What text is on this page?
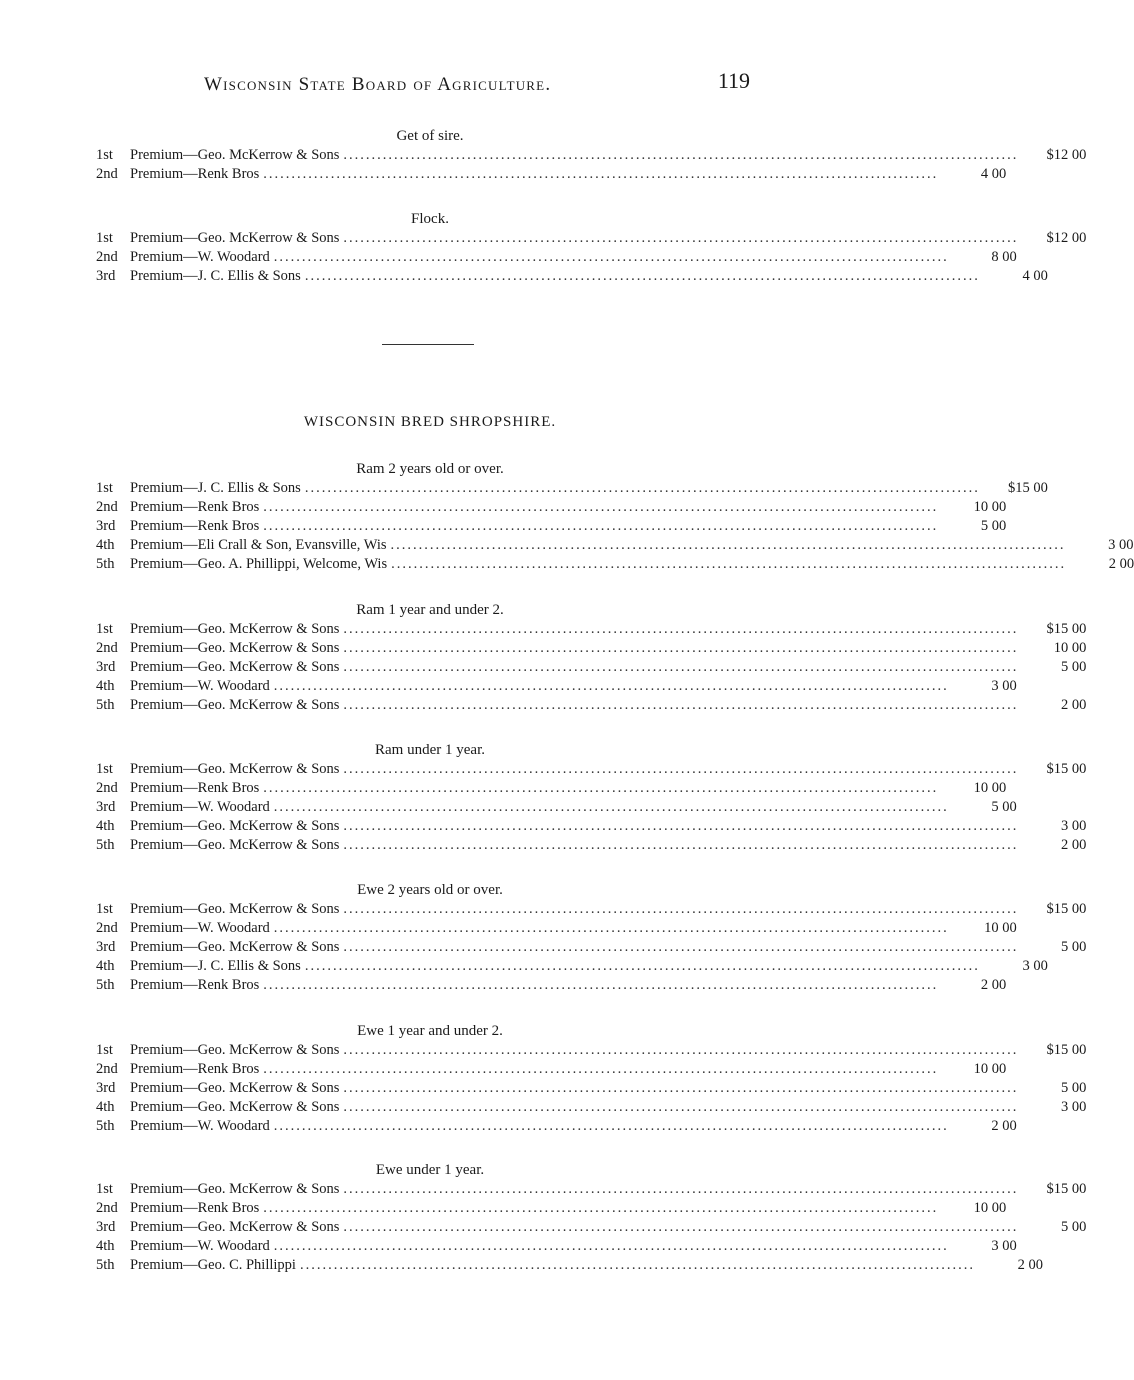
Wisconsin State Board of Agriculture.	119
Get of sire.
1st	Premium—Geo. McKerrow & Sons ........................................................................................................................	$12 00
2nd Premium—Renk Bros ........................................................................................................................	4 00
Flock.
1st	Premium—Geo. McKerrow & Sons ........................................................................................................................	$12 00
2nd Premium—W. Woodard ........................................................................................................................	8 00
3rd	Premium—J. C. Ellis & Sons ........................................................................................................................	4 00
WISCONSIN BRED SHROPSHIRE.
Ram 2 years old or over.
1st	Premium—J. C. Ellis & Sons ........................................................................................................................	$15 00
2nd Premium—Renk Bros ........................................................................................................................	10 00
3rd	Premium—Renk Bros ........................................................................................................................	5 00
4th	Premium—Eli Crall & Son, Evansville, Wis ........................................................................................................................	3 00
5th	Premium—Geo. A. Phillippi, Welcome, Wis ........................................................................................................................	2 00
Ram 1 year and under 2.
1st	Premium—Geo. McKerrow & Sons ........................................................................................................................	$15 00
2nd Premium—Geo. McKerrow & Sons ........................................................................................................................	10 00
3rd	Premium—Geo. McKerrow & Sons ........................................................................................................................	5 00
4th	Premium—W. Woodard ........................................................................................................................	3 00
5th	Premium—Geo. McKerrow & Sons ........................................................................................................................	2 00
Ram under 1 year.
1st	Premium—Geo. McKerrow & Sons ........................................................................................................................	$15 00
2nd Premium—Renk Bros ........................................................................................................................	10 00
3rd	Premium—W. Woodard ........................................................................................................................	5 00
4th	Premium—Geo. McKerrow & Sons ........................................................................................................................	3 00
5th	Premium—Geo. McKerrow & Sons ........................................................................................................................	2 00
Ewe 2 years old or over.
1st	Premium—Geo. McKerrow & Sons ........................................................................................................................	$15 00
2nd Premium—W. Woodard ........................................................................................................................	10 00
3rd	Premium—Geo. McKerrow & Sons ........................................................................................................................	5 00
4th	Premium—J. C. Ellis & Sons ........................................................................................................................	3 00
5th	Premium—Renk Bros ........................................................................................................................	2 00
Ewe 1 year and under 2.
1st	Premium—Geo. McKerrow & Sons ........................................................................................................................	$15 00
2nd Premium—Renk Bros ........................................................................................................................	10 00
3rd	Premium—Geo. McKerrow & Sons ........................................................................................................................	5 00
4th	Premium—Geo. McKerrow & Sons ........................................................................................................................	3 00
5th	Premium—W. Woodard ........................................................................................................................	2 00
Ewe under 1 year.
1st	Premium—Geo. McKerrow & Sons ........................................................................................................................	$15 00
2nd Premium—Renk Bros ........................................................................................................................	10 00
3rd	Premium—Geo. McKerrow & Sons ........................................................................................................................	5 00
4th	Premium—W. Woodard ........................................................................................................................	3 00
5th	Premium—Geo. C. Phillippi ........................................................................................................................	2 00
